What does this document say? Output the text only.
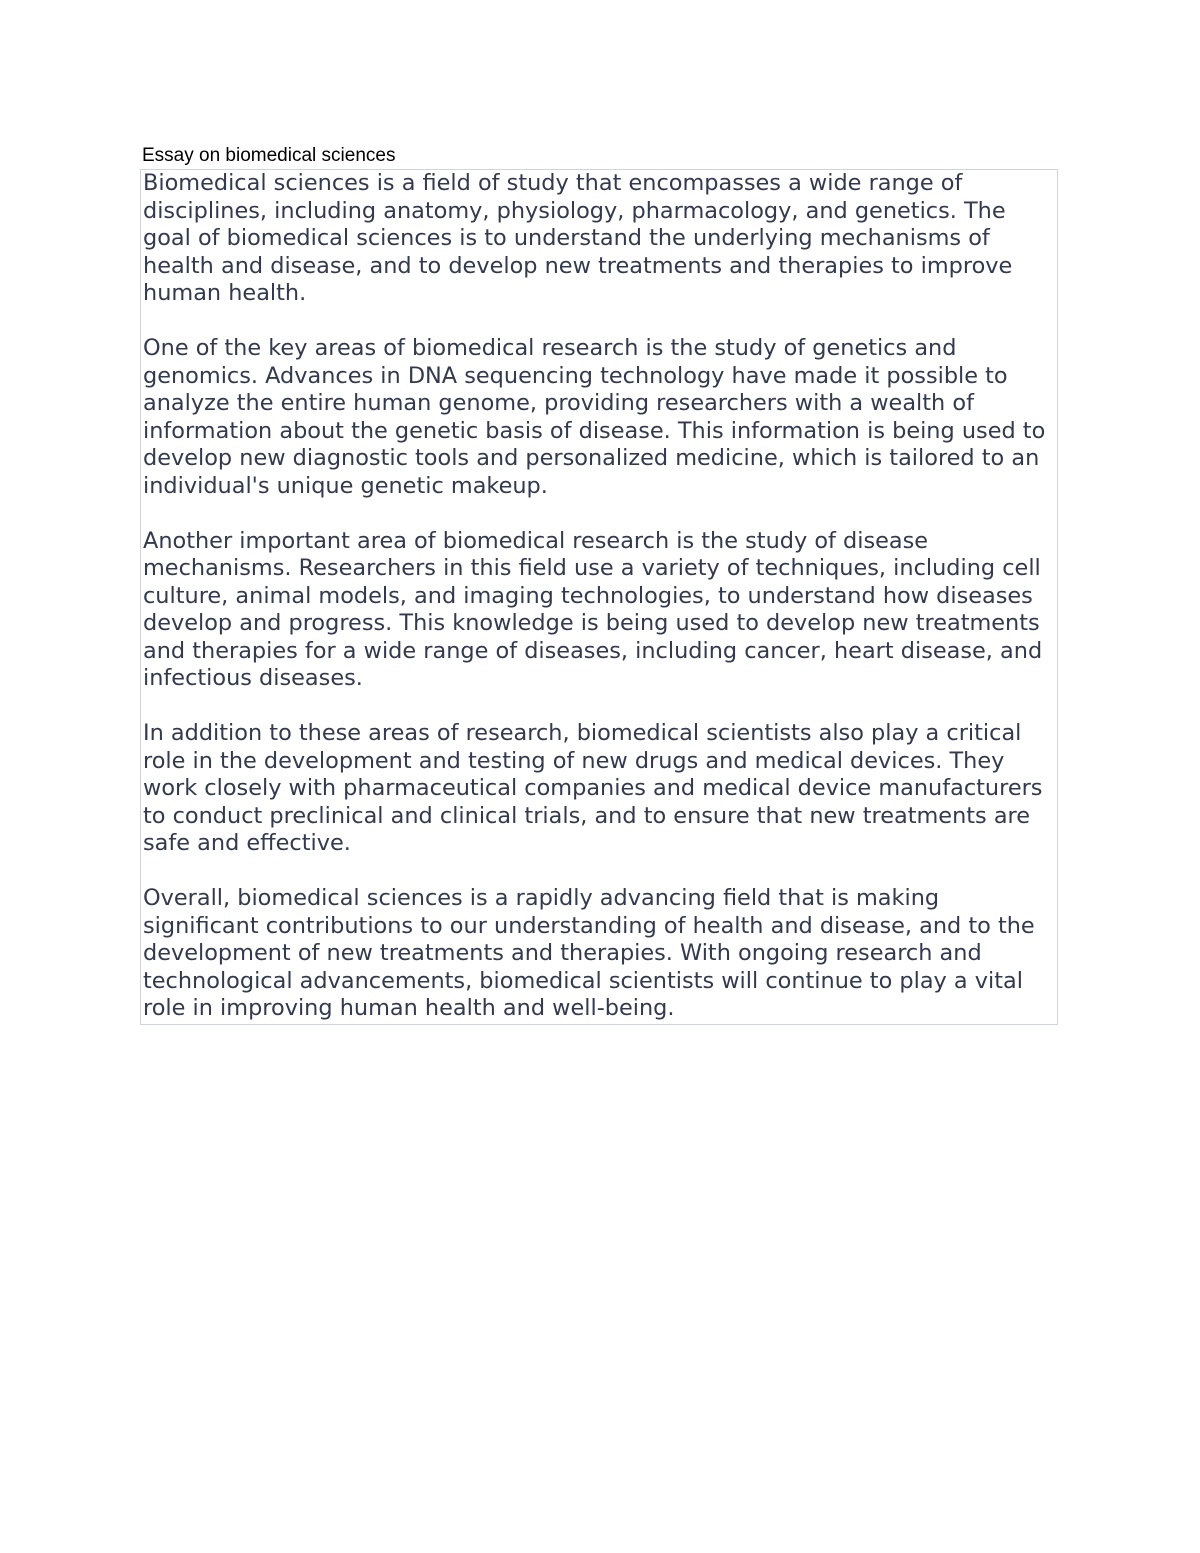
Essay on biomedical sciences

Biomedical sciences is a field of study that encompasses a wide range of disciplines, including anatomy, physiology, pharmacology, and genetics. The goal of biomedical sciences is to understand the underlying mechanisms of health and disease, and to develop new treatments and therapies to improve human health.

One of the key areas of biomedical research is the study of genetics and genomics. Advances in DNA sequencing technology have made it possible to analyze the entire human genome, providing researchers with a wealth of information about the genetic basis of disease. This information is being used to develop new diagnostic tools and personalized medicine, which is tailored to an individual's unique genetic makeup.

Another important area of biomedical research is the study of disease mechanisms. Researchers in this field use a variety of techniques, including cell culture, animal models, and imaging technologies, to understand how diseases develop and progress. This knowledge is being used to develop new treatments and therapies for a wide range of diseases, including cancer, heart disease, and infectious diseases.

In addition to these areas of research, biomedical scientists also play a critical role in the development and testing of new drugs and medical devices. They work closely with pharmaceutical companies and medical device manufacturers to conduct preclinical and clinical trials, and to ensure that new treatments are safe and effective.

Overall, biomedical sciences is a rapidly advancing field that is making significant contributions to our understanding of health and disease, and to the development of new treatments and therapies. With ongoing research and technological advancements, biomedical scientists will continue to play a vital role in improving human health and well-being.
